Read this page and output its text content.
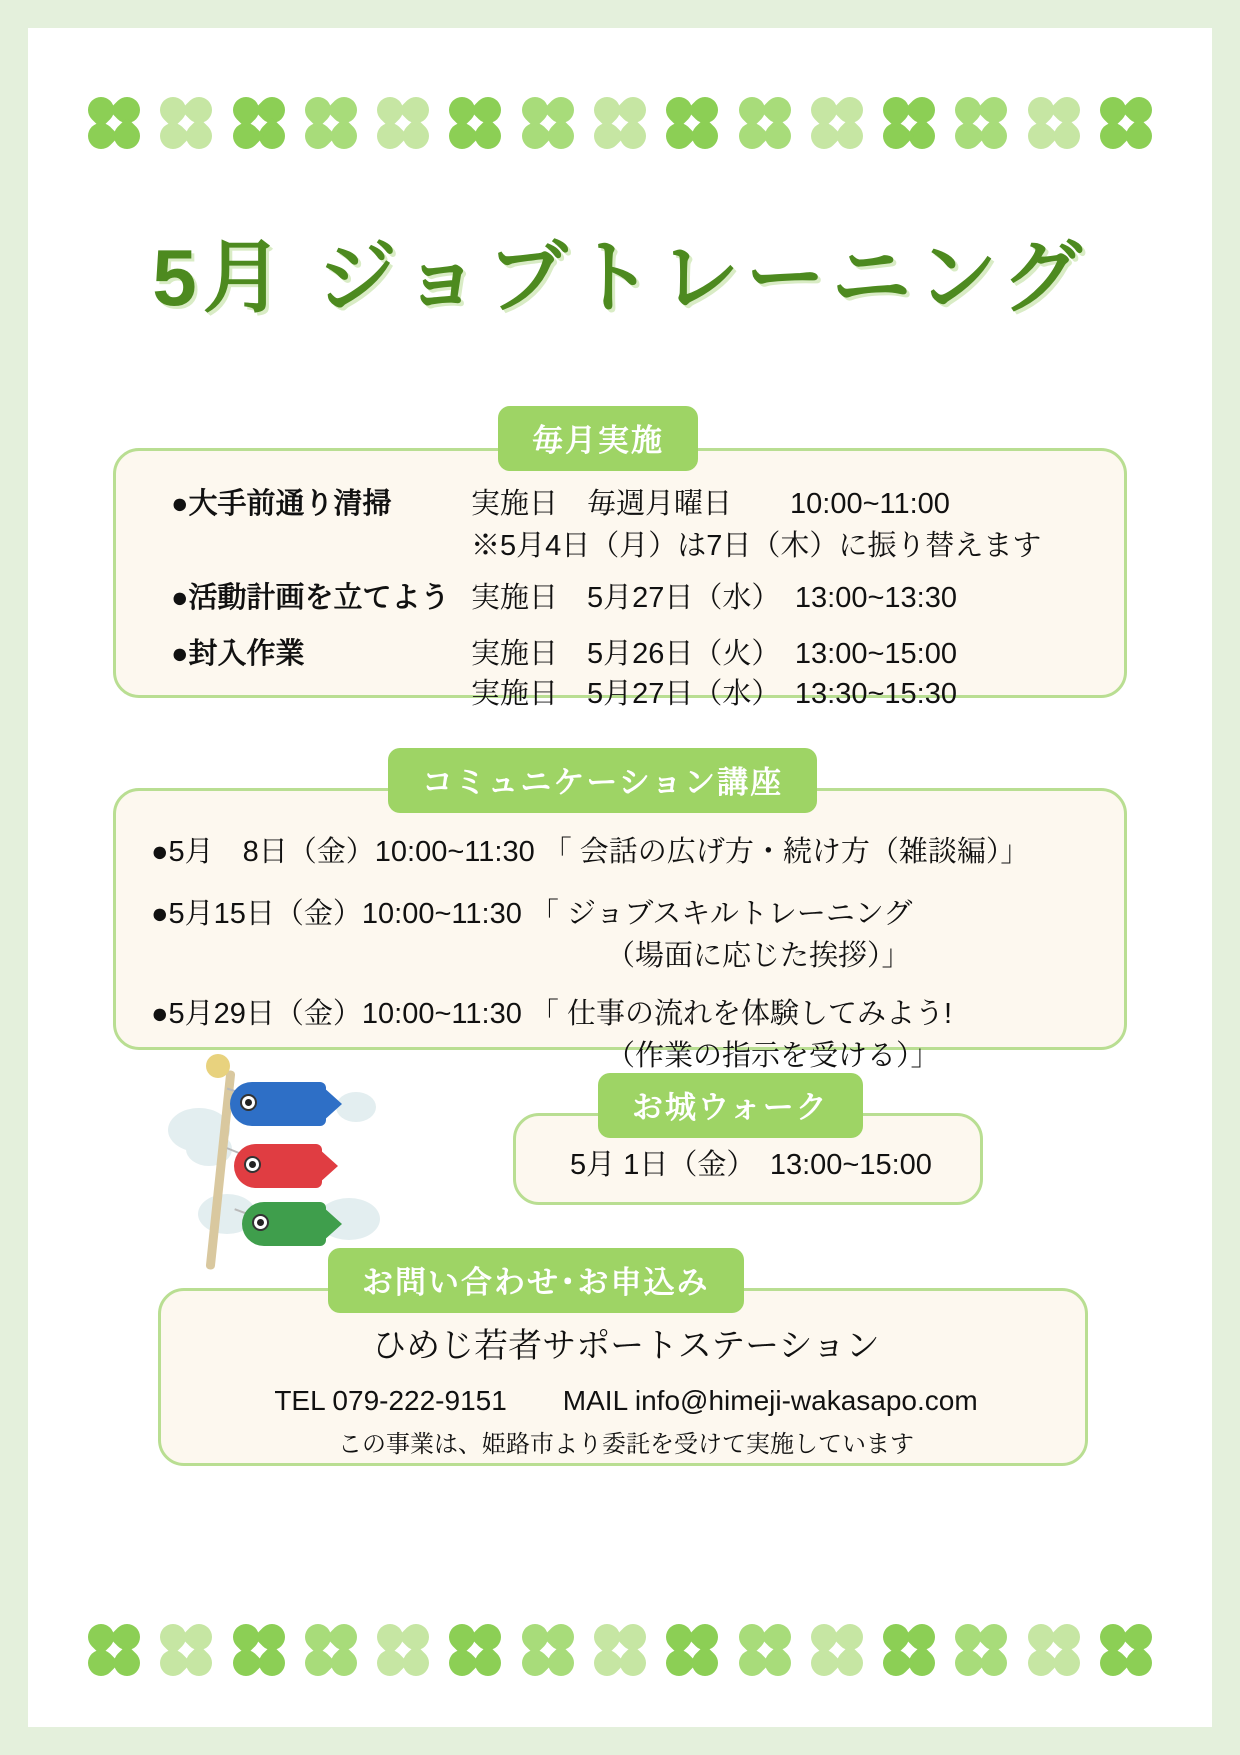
5月 ジョブトレーニング
毎月実施
●大手前通り清掃	実施日　毎週月曜日　　10:00~11:00
※5月4日（月）は7日（木）に振り替えます
●活動計画を立てよう 実施日　5月27日（水）　13:00~13:30
●封入作業	実施日　5月26日（火）　13:00~15:00
実施日　5月27日（水）　13:30~15:30
コミュニケーション講座
●5月　8日（金）10:00~11:30 「 会話の広げ方・続け方（雑談編）」
●5月15日（金）10:00~11:30 「 ジョブスキルトレーニング
（場面に応じた挨拶）」
●5月29日（金）10:00~11:30 「 仕事の流れを体験してみよう!
（作業の指示を受ける）」
お城ウォーク
5月 1日（金）　13:00~15:00
お問い合わせ･お申込み
ひめじ若者サポートステーション
TEL 079-222-9151　　MAIL info@himeji-wakasapo.com
この事業は、姫路市より委託を受けて実施しています
